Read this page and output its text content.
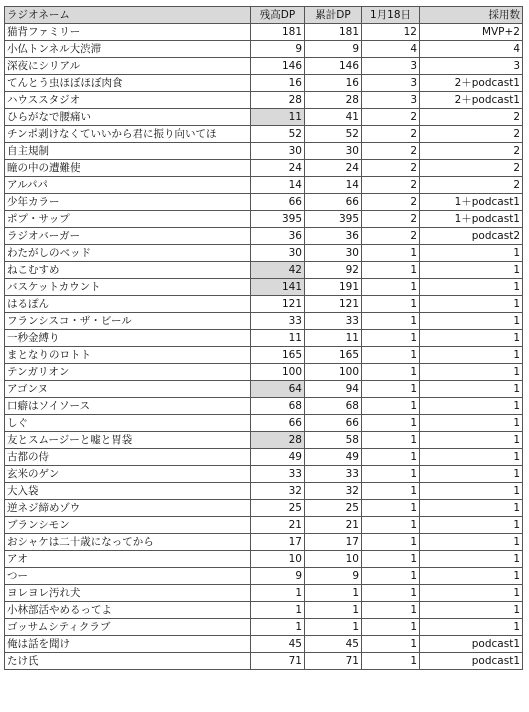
ラジオネーム	残高DP	累計DP	1月18日	採用数
猫背ファミリー	181	181	12	MVP+2
小仏トンネル大渋滞	9	9	4	4
深夜にシリアル	146	146	3	3
てんとう虫ほぼほぼ肉食	16	16	3	2＋podcast1
ハウススタジオ	28	28	3	2＋podcast1
ひらがなで腰痛い	11	41	2	2
チンポ剥けなくていいから君に振り向いてほ	52	52	2	2
自主規制	30	30	2	2
瞳の中の遭難使	24	24	2	2
アルパパ	14	14	2	2
少年カラー	66	66	2	1＋podcast1
ポプ・サップ	395	395	2	1＋podcast1
ラジオバーガー	36	36	2	podcast2
わたがしのベッド	30	30	1	1
ねこむすめ	42	92	1	1
バスケットカウント	141	191	1	1
はるぽん	121	121	1	1
フランシスコ・ザ・ビール	33	33	1	1
一秒金縛り	11	11	1	1
まとなりのロトト	165	165	1	1
テンガリオン	100	100	1	1
アゴンヌ	64	94	1	1
口癖はソイソース	68	68	1	1
しぐ	66	66	1	1
友とスムージーと嘘と胃袋	28	58	1	1
古都の侍	49	49	1	1
玄米のゲン	33	33	1	1
大入袋	32	32	1	1
逆ネジ締めゾウ	25	25	1	1
ブランシモン	21	21	1	1
おシャケは二十歳になってから	17	17	1	1
アオ	10	10	1	1
つー	9	9	1	1
ヨレヨレ汚れ犬	1	1	1	1
小林部活やめるってよ	1	1	1	1
ゴッサムシティクラブ	1	1	1	1
俺は話を聞け	45	45	1	podcast1
たけ氏	71	71	1	podcast1
